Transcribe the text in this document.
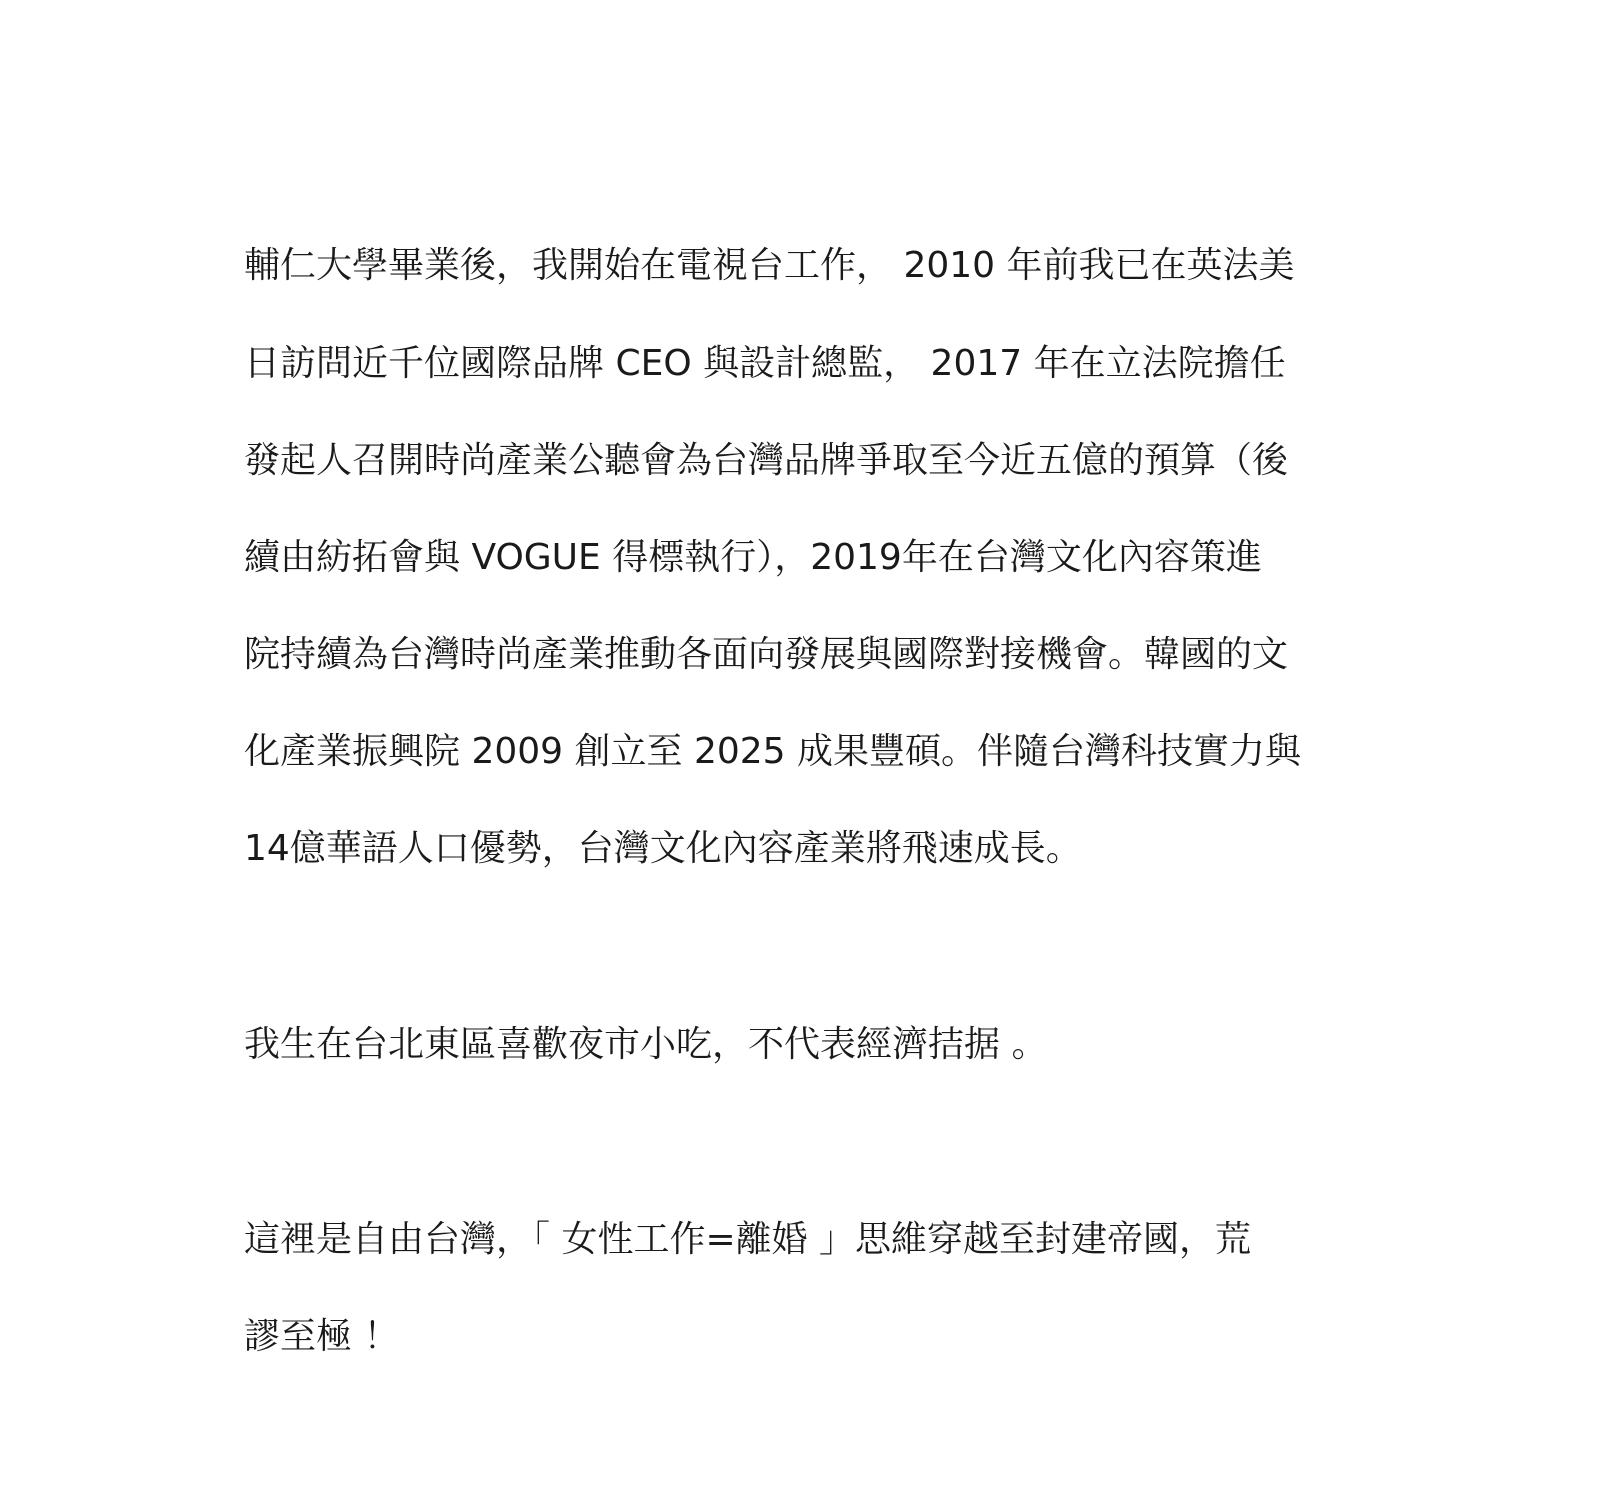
輔仁大學畢業後，我開始在電視台工作， 2010 年前我已在英法美
日訪問近千位國際品牌 CEO 與設計總監， 2017 年在立法院擔任
發起人召開時尚產業公聽會為台灣品牌爭取至今近五億的預算（後
續由紡拓會與 VOGUE 得標執行），2019年在台灣文化內容策進
院持續為台灣時尚產業推動各面向發展與國際對接機會。韓國的文
化產業振興院 2009 創立至 2025 成果豐碩。伴隨台灣科技實力與
14億華語人口優勢，台灣文化內容產業將飛速成長。
我生在台北東區喜歡夜市小吃，不代表經濟拮据 。
這裡是自由台灣，「 女性工作=離婚 」思維穿越至封建帝國，荒
謬至極 ！
